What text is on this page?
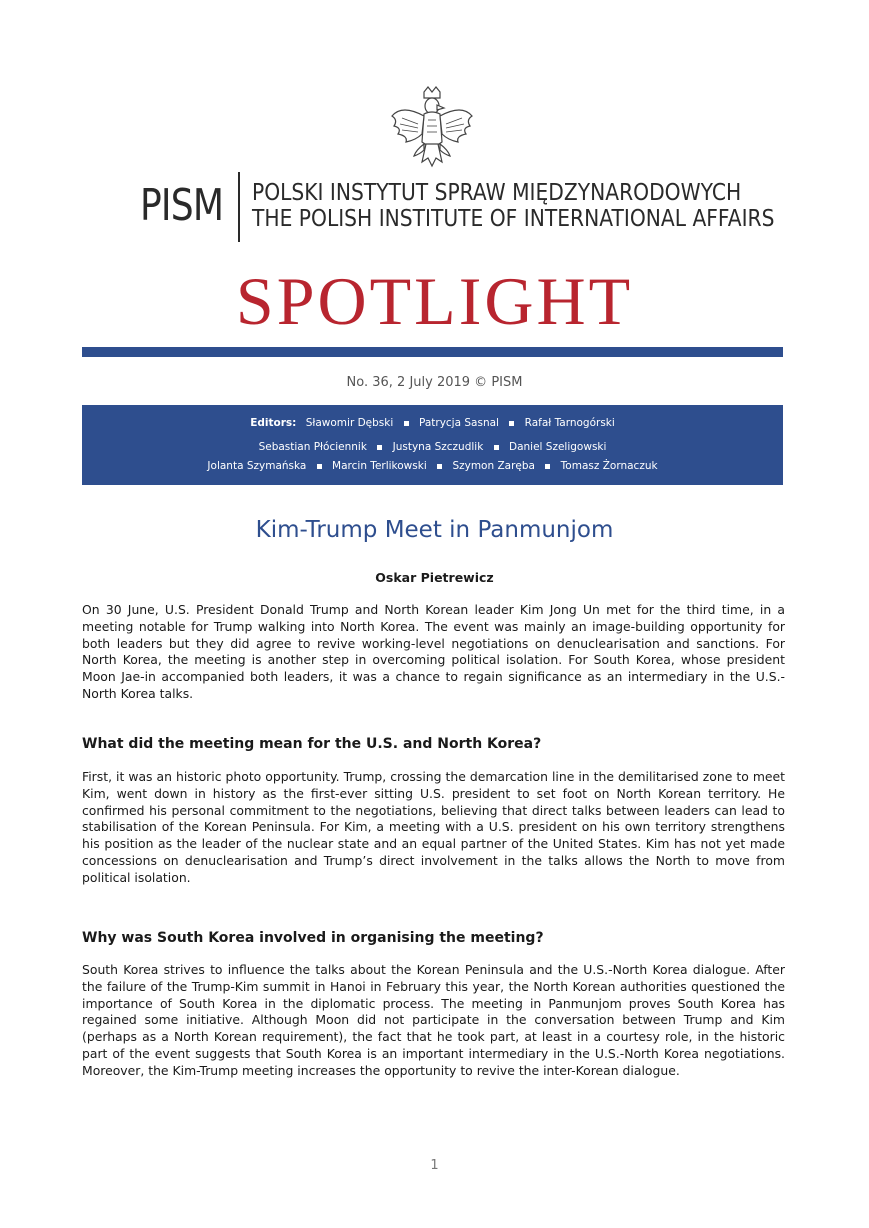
PISM POLSKI INSTYTUT SPRAW MIĘDZYNARODOWYCH
THE POLISH INSTITUTE OF INTERNATIONAL AFFAIRS
SPOTLIGHT
No. 36, 2 July 2019 © PISM
Editors: Sławomir Dębski Patrycja Sasnal Rafał Tarnogórski
Sebastian Płóciennik Justyna Szczudlik Daniel Szeligowski
Jolanta Szymańska Marcin Terlikowski Szymon Zaręba Tomasz Żornaczuk
Kim-Trump Meet in Panmunjom
Oskar Pietrewicz

On 30 June, U.S. President Donald Trump and North Korean leader Kim Jong Un met for the third time, in a meeting notable for Trump walking into North Korea. The event was mainly an image-building opportunity for both leaders but they did agree to revive working-level negotiations on denuclearisation and sanctions. For North Korea, the meeting is another step in overcoming political isolation. For South Korea, whose president Moon Jae-in accompanied both leaders, it was a chance to regain significance as an intermediary in the U.S.-North Korea talks.

What did the meeting mean for the U.S. and North Korea?

First, it was an historic photo opportunity. Trump, crossing the demarcation line in the demilitarised zone to meet Kim, went down in history as the first-ever sitting U.S. president to set foot on North Korean territory. He confirmed his personal commitment to the negotiations, believing that direct talks between leaders can lead to stabilisation of the Korean Peninsula. For Kim, a meeting with a U.S. president on his own territory strengthens his position as the leader of the nuclear state and an equal partner of the United States. Kim has not yet made concessions on denuclearisation and Trump’s direct involvement in the talks allows the North to move from political isolation.

Why was South Korea involved in organising the meeting?

South Korea strives to influence the talks about the Korean Peninsula and the U.S.-North Korea dialogue. After the failure of the Trump-Kim summit in Hanoi in February this year, the North Korean authorities questioned the importance of South Korea in the diplomatic process. The meeting in Panmunjom proves South Korea has regained some initiative. Although Moon did not participate in the conversation between Trump and Kim (perhaps as a North Korean requirement), the fact that he took part, at least in a courtesy role, in the historic part of the event suggests that South Korea is an important intermediary in the U.S.-North Korea negotiations. Moreover, the Kim-Trump meeting increases the opportunity to revive the inter-Korean dialogue.

1
